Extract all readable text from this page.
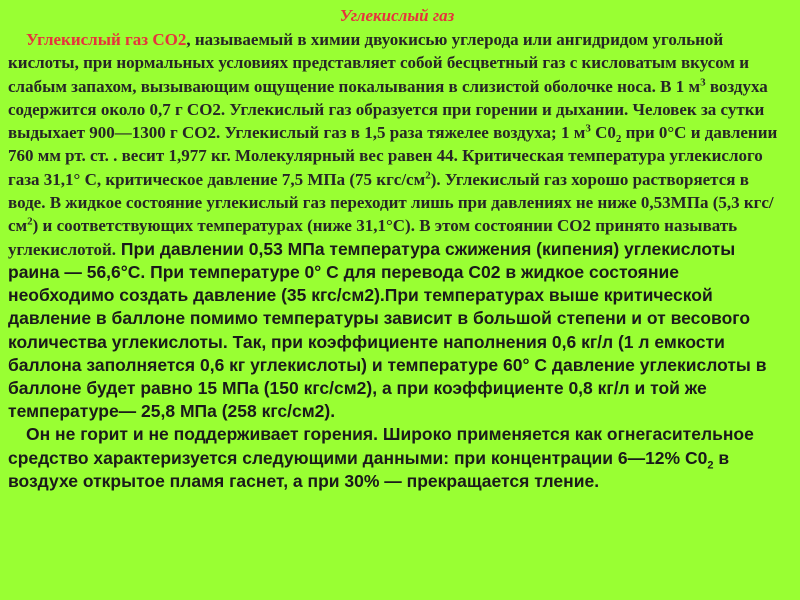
Углекислый газ

Углекислый газ СО2, называемый в химии двуокисью углерода или ангидридом угольной кислоты, при нормальных условиях представляет собой бесцветный газ с кисловатым вкусом и слабым запахом, вызывающим ощущение покалывания в слизистой оболочке носа. В 1 $м^3$ воздуха содержится около 0,7 г СО2. Углекислый газ образуется при горении и дыхании. Человек за сутки выдыхает 900—1300 г СО2. Углекислый газ в 1,5 раза тяжелее воздуха; 1 $м^3$ $С0_2$ при 0°С и давлении 760 мм рт. ст. . весит 1,977 кг. Молекулярный вес равен 44. Критическая температура углекислого газа 31,1° С, критическое давление 7,5 МПа (75 кгс/$см^2$). Углекислый газ хорошо растворяется в воде. В жидкое состояние углекислый газ переходит лишь при давлениях не ниже 0,53МПа (5,3 кгс/$см^2$) и соответствующих температурах (ниже 31,1°С). В этом состоянии СО2 принято называть углекислотой. При давлении 0,53 МПа температура сжижения (кипения) углекислоты раина — 56,6°С. При температуре 0° С для перевода С02 в жидкое состояние необходимо создать давление (35 кгс/см2).При температурах выше критической давление в баллоне помимо температуры зависит в большой степени и от весового количества углекислоты. Так, при коэффициенте наполнения 0,6 кг/л (1 л емкости баллона заполняется 0,6 кг углекислоты) и температуре 60° С давление углекислоты в баллоне будет равно 15 МПа (150 кгс/см2), а при коэффициенте 0,8 кг/л и той же температуре— 25,8 МПа (258 кгс/см2).

Он не горит и не поддерживает горения. Широко применяется как огнегасительное средство характеризуется следующими данными: при концентрации 6—12% $С0_2$ в воздухе открытое пламя гаснет, а при 30% — прекращается тление.
